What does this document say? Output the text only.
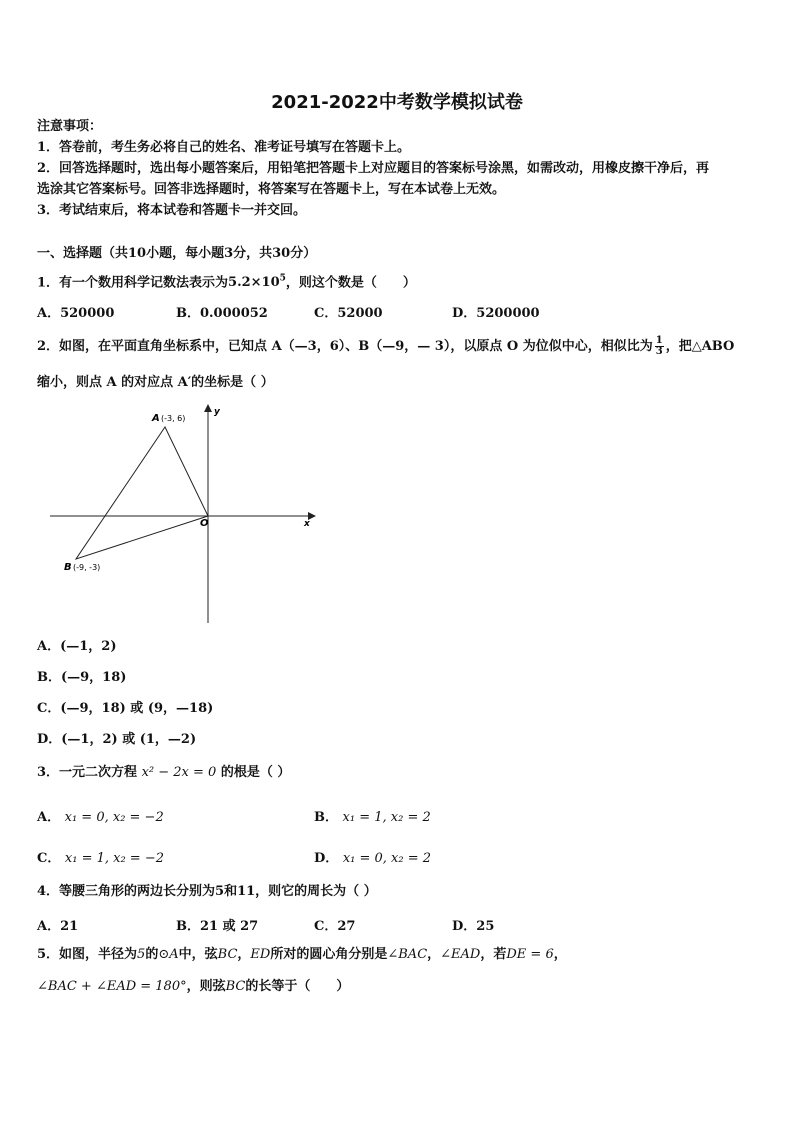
2021-2022中考数学模拟试卷
注意事项：
1．答卷前，考生务必将自己的姓名、准考证号填写在答题卡上。
2．回答选择题时，选出每小题答案后，用铅笔把答题卡上对应题目的答案标号涂黑，如需改动，用橡皮擦干净后，再
选涂其它答案标号。回答非选择题时，将答案写在答题卡上，写在本试卷上无效。
3．考试结束后，将本试卷和答题卡一并交回。
一、选择题（共10小题，每小题3分，共30分）
1．有一个数用科学记数法表示为$5.2\times 10^5$，则这个数是（　　）
A．520000	B．0.000052	C．52000	D．5200000
2．如图，在平面直角坐标系中，已知点 A（—3，6）、B（—9，— 3），以原点 O 为位似中心，相似比为 $\frac{1}{3}$ ，把△ABO
缩小，则点 A 的对应点 A′的坐标是（ ）
A (-3, 6)
B (-9, -3)
O	x
y
A．(—1，2)
B．(—9，18)
C．(—9，18) 或 (9，—18)
D．(—1，2) 或 (1，—2)
3．一元二次方程 x² − 2x = 0 的根是（ ）
A． x₁ = 0, x₂ = −2	B． x₁ = 1, x₂ = 2
C． x₁ = 1, x₂ = −2	D． x₁ = 0, x₂ = 2
4．等腰三角形的两边长分别为5和11，则它的周长为（ ）
A．21	B．21 或 27	C．27	D．25
5．如图，半径为5的⊙A中，弦BC，ED所对的圆心角分别是∠BAC，∠EAD，若DE = 6，
∠BAC + ∠EAD = 180°，则弦BC的长等于（　　）
